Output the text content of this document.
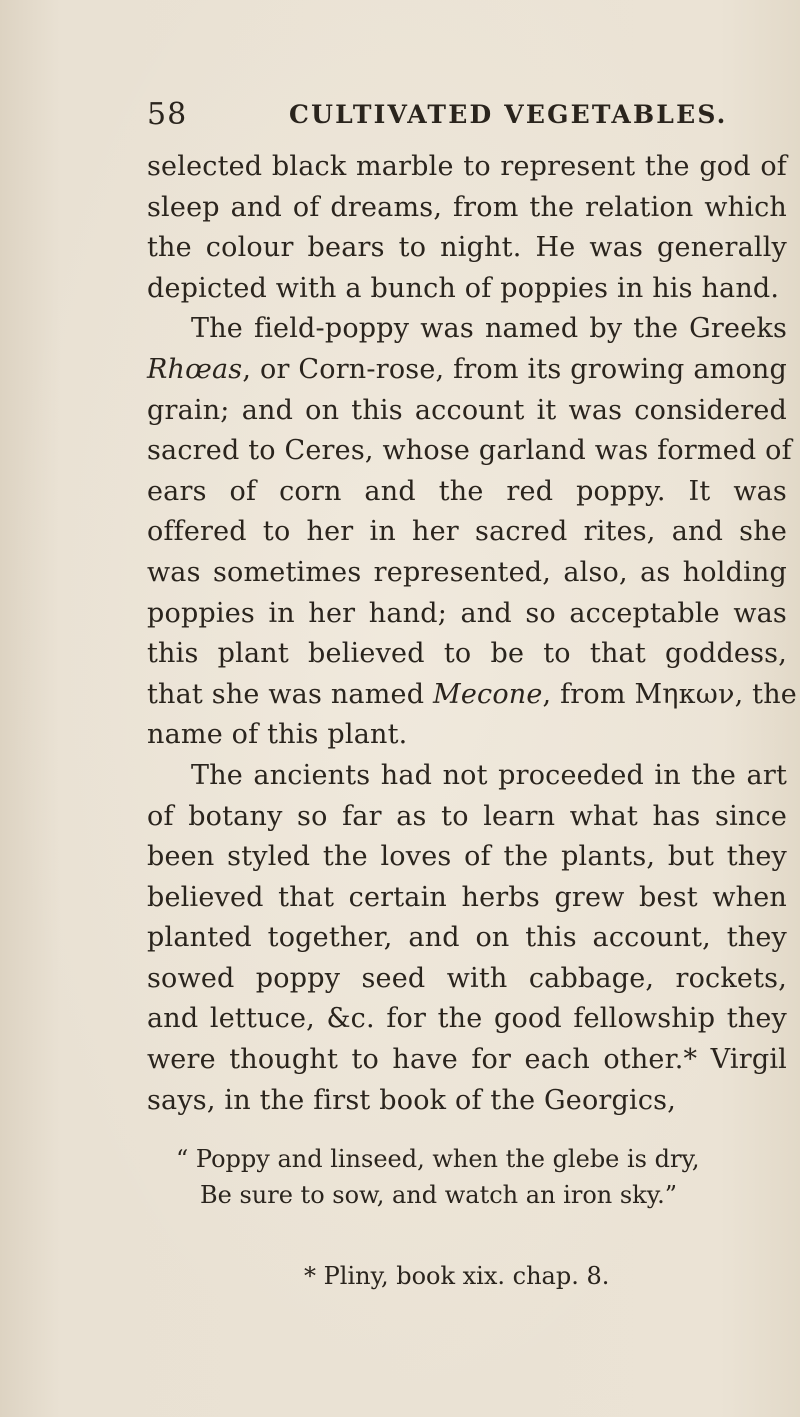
58	CULTIVATED VEGETABLES.
selected black marble to represent the god of
sleep and of dreams, from the relation which
the colour bears to night. He was generally
depicted with a bunch of poppies in his hand.
The field-poppy was named by the Greeks
Rhœas, or Corn-rose, from its growing among
grain; and on this account it was considered
sacred to Ceres, whose garland was formed of
ears of corn and the red poppy. It was
offered to her in her sacred rites, and she
was sometimes represented, also, as holding
poppies in her hand; and so acceptable was
this plant believed to be to that goddess,
that she was named Mecone, from Μηκων, the
name of this plant.
The ancients had not proceeded in the art
of botany so far as to learn what has since
been styled the loves of the plants, but they
believed that certain herbs grew best when
planted together, and on this account, they
sowed poppy seed with cabbage, rockets,
and lettuce, &c. for the good fellowship they
were thought to have for each other.* Virgil
says, in the first book of the Georgics,
“ Poppy and linseed, when the glebe is dry,
Be sure to sow, and watch an iron sky.”
* Pliny, book xix. chap. 8.
